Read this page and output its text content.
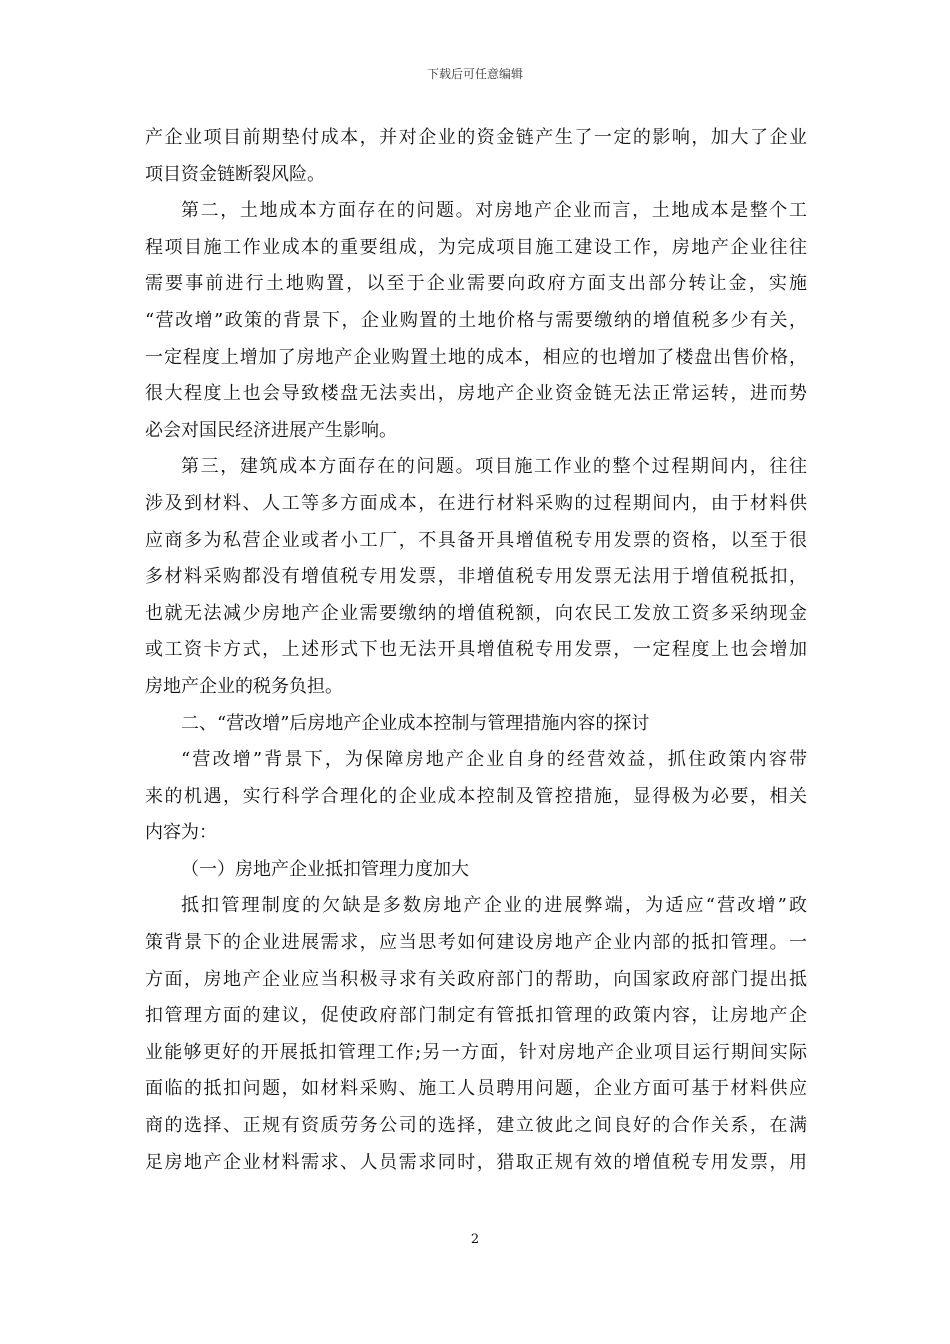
下载后可任意编辑
产企业项目前期垫付成本，并对企业的资金链产生了一定的影响，加大了企业
项目资金链断裂风险。
第二，土地成本方面存在的问题。对房地产企业而言，土地成本是整个工
程项目施工作业成本的重要组成，为完成项目施工建设工作，房地产企业往往
需要事前进行土地购置，以至于企业需要向政府方面支出部分转让金，实施
“营改增”政策的背景下，企业购置的土地价格与需要缴纳的增值税多少有关，
一定程度上增加了房地产企业购置土地的成本，相应的也增加了楼盘出售价格，
很大程度上也会导致楼盘无法卖出，房地产企业资金链无法正常运转，进而势
必会对国民经济进展产生影响。
第三，建筑成本方面存在的问题。项目施工作业的整个过程期间内，往往
涉及到材料、人工等多方面成本，在进行材料采购的过程期间内，由于材料供
应商多为私营企业或者小工厂，不具备开具增值税专用发票的资格，以至于很
多材料采购都没有增值税专用发票，非增值税专用发票无法用于增值税抵扣，
也就无法减少房地产企业需要缴纳的增值税额，向农民工发放工资多采纳现金
或工资卡方式，上述形式下也无法开具增值税专用发票，一定程度上也会增加
房地产企业的税务负担。
二、“营改增”后房地产企业成本控制与管理措施内容的探讨
“营改增”背景下，为保障房地产企业自身的经营效益，抓住政策内容带
来的机遇，实行科学合理化的企业成本控制及管控措施，显得极为必要，相关
内容为：
（一）房地产企业抵扣管理力度加大
抵扣管理制度的欠缺是多数房地产企业的进展弊端，为适应“营改增”政
策背景下的企业进展需求，应当思考如何建设房地产企业内部的抵扣管理。一
方面，房地产企业应当积极寻求有关政府部门的帮助，向国家政府部门提出抵
扣管理方面的建议，促使政府部门制定有管抵扣管理的政策内容，让房地产企
业能够更好的开展抵扣管理工作;另一方面，针对房地产企业项目运行期间实际
面临的抵扣问题，如材料采购、施工人员聘用问题，企业方面可基于材料供应
商的选择、正规有资质劳务公司的选择，建立彼此之间良好的合作关系，在满
足房地产企业材料需求、人员需求同时，猎取正规有效的增值税专用发票，用
2
